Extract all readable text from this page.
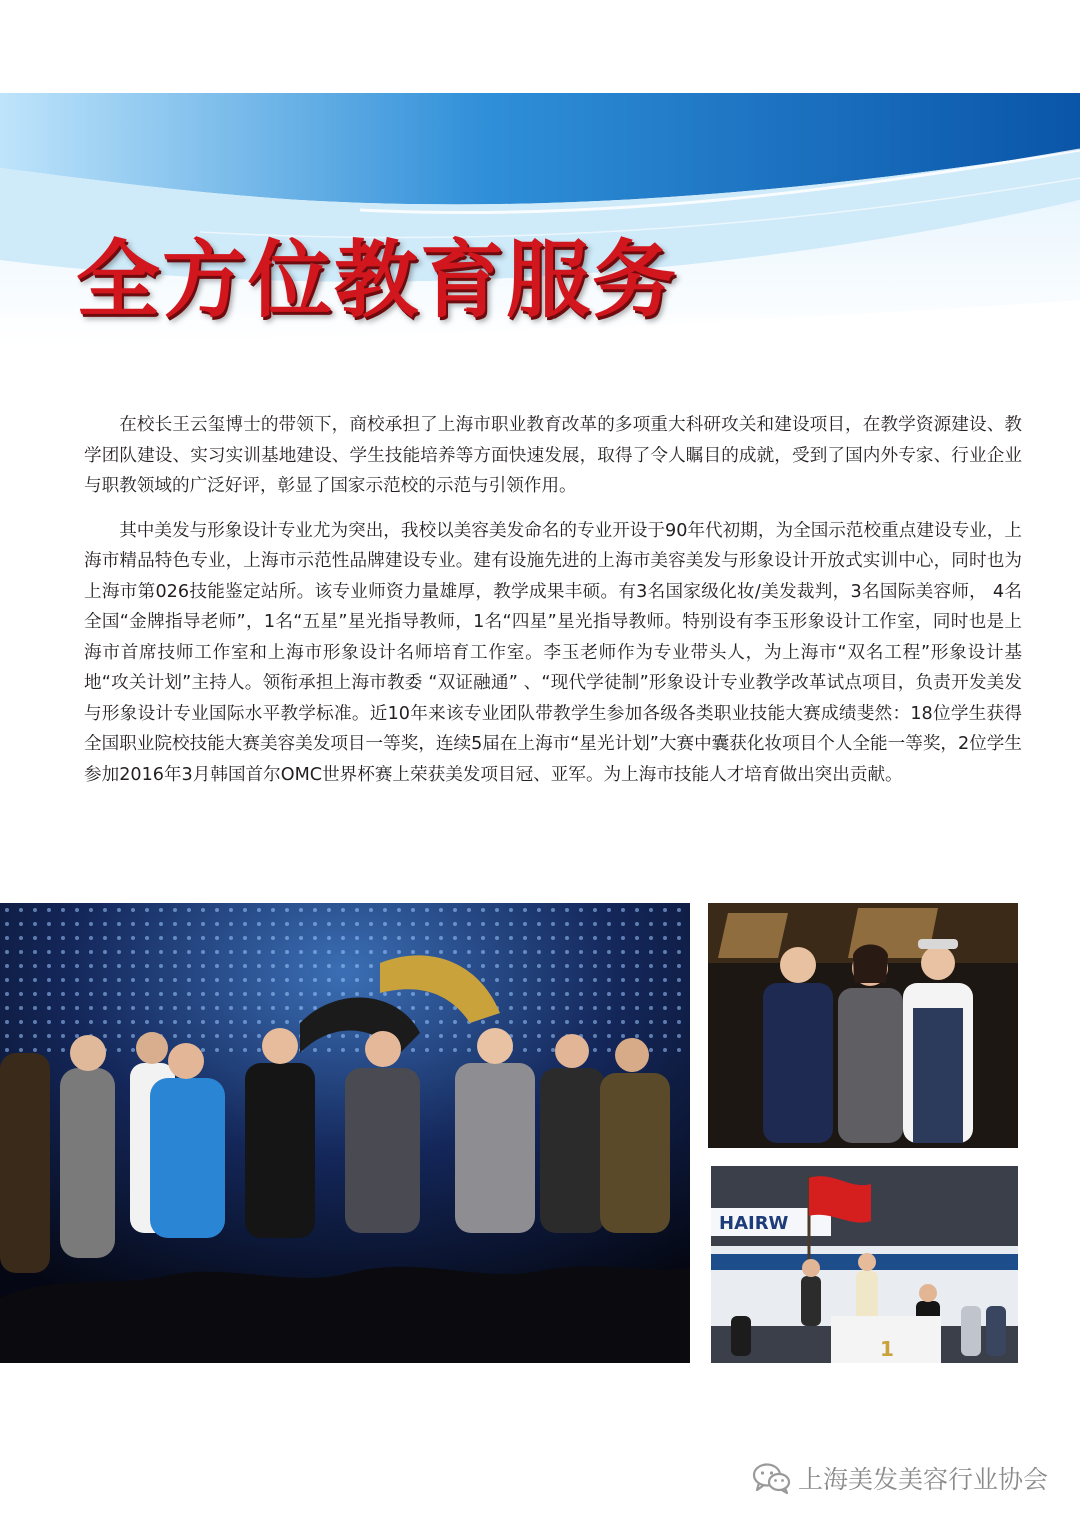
全方位教育服务

在校长王云玺博士的带领下，商校承担了上海市职业教育改革的多项重大科研攻关和建设项目，在教学资源建设、教学团队建设、实习实训基地建设、学生技能培养等方面快速发展，取得了令人瞩目的成就，受到了国内外专家、行业企业与职教领域的广泛好评，彰显了国家示范校的示范与引领作用。

其中美发与形象设计专业尤为突出，我校以美容美发命名的专业开设于90年代初期，为全国示范校重点建设专业，上海市精品特色专业，上海市示范性品牌建设专业。建有设施先进的上海市美容美发与形象设计开放式实训中心，同时也为上海市第026技能鉴定站所。该专业师资力量雄厚，教学成果丰硕。有3名国家级化妆/美发裁判，3名国际美容师， 4名全国“金牌指导老师”，1名“五星”星光指导教师，1名“四星”星光指导教师。特别设有李玉形象设计工作室，同时也是上海市首席技师工作室和上海市形象设计名师培育工作室。李玉老师作为专业带头人，为上海市“双名工程”形象设计基地“攻关计划”主持人。领衔承担上海市教委 “双证融通” 、“现代学徒制”形象设计专业教学改革试点项目，负责开发美发与形象设计专业国际水平教学标准。近10年来该专业团队带教学生参加各级各类职业技能大赛成绩斐然：18位学生获得全国职业院校技能大赛美容美发项目一等奖，连续5届在上海市“星光计划”大赛中囊获化妆项目个人全能一等奖，2位学生参加2016年3月韩国首尔OMC世界杯赛上荣获美发项目冠、亚军。为上海市技能人才培育做出突出贡献。

HAIRW
1
上海美发美容行业协会
